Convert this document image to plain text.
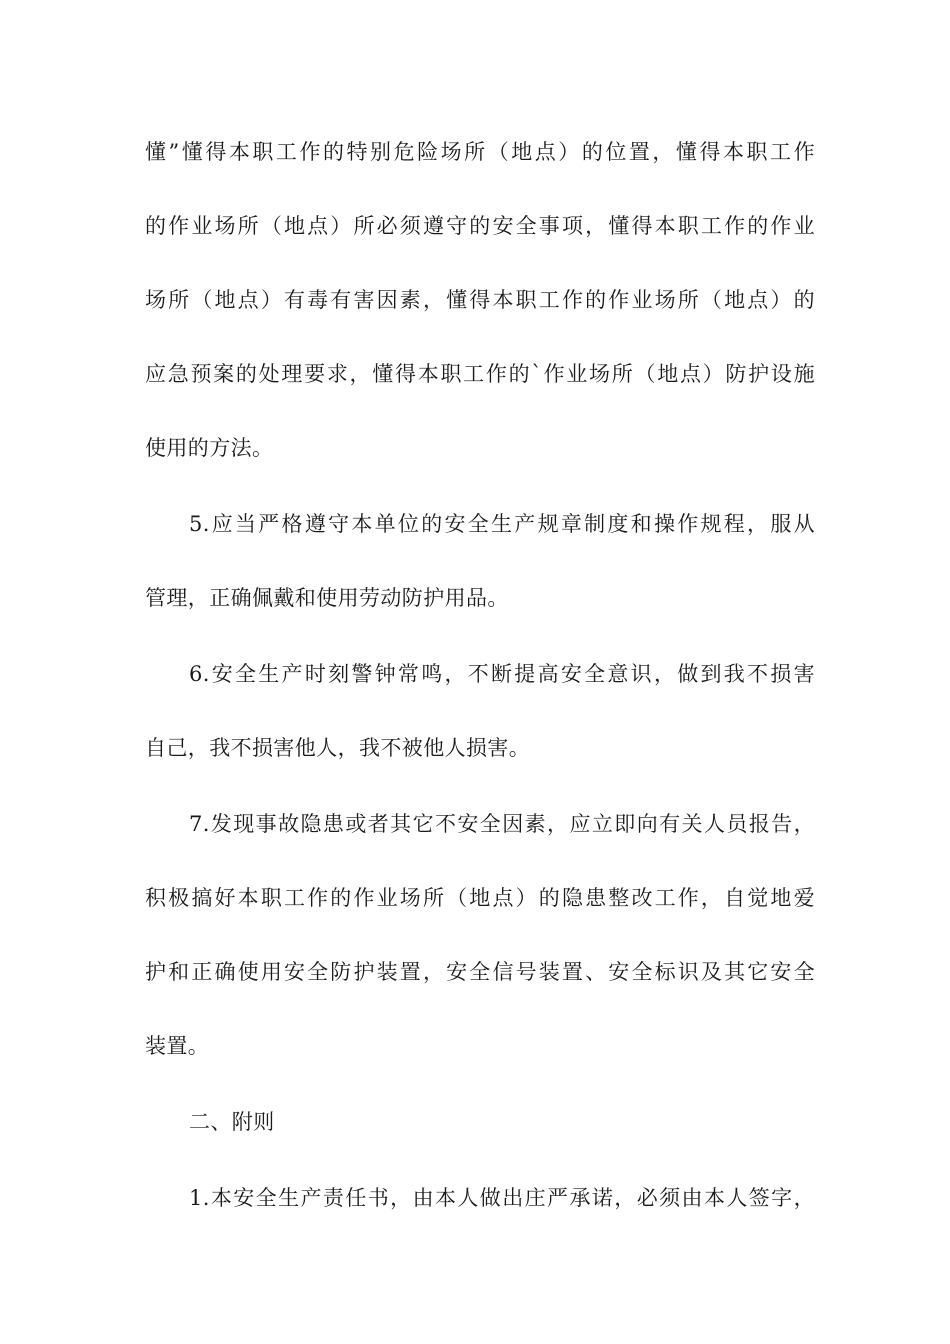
懂”懂得本职工作的特别危险场所（地点）的位置，懂得本职工作
的作业场所（地点）所必须遵守的安全事项，懂得本职工作的作业
场所（地点）有毒有害因素，懂得本职工作的作业场所（地点）的
应急预案的处理要求，懂得本职工作的`作业场所（地点）防护设施
使用的方法。
5.应当严格遵守本单位的安全生产规章制度和操作规程，服从
管理，正确佩戴和使用劳动防护用品。
6.安全生产时刻警钟常鸣，不断提高安全意识，做到我不损害
自己，我不损害他人，我不被他人损害。
7.发现事故隐患或者其它不安全因素，应立即向有关人员报告，
积极搞好本职工作的作业场所（地点）的隐患整改工作，自觉地爱
护和正确使用安全防护装置，安全信号装置、安全标识及其它安全
装置。
二、附则
1.本安全生产责任书，由本人做出庄严承诺，必须由本人签字，
